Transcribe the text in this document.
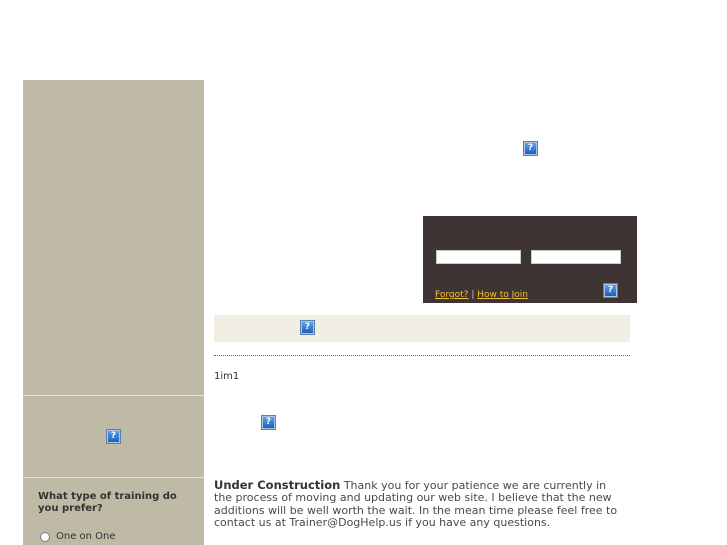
?
What type of training do you prefer?
One on One
?
Forgot? | How to Join	?
?
1im1
?
Under Construction Thank you for your patience we are currently in the process of moving and updating our web site. I believe that the new additions will be well worth the wait. In the mean time please feel free to contact us at Trainer@DogHelp.us if you have any questions.
